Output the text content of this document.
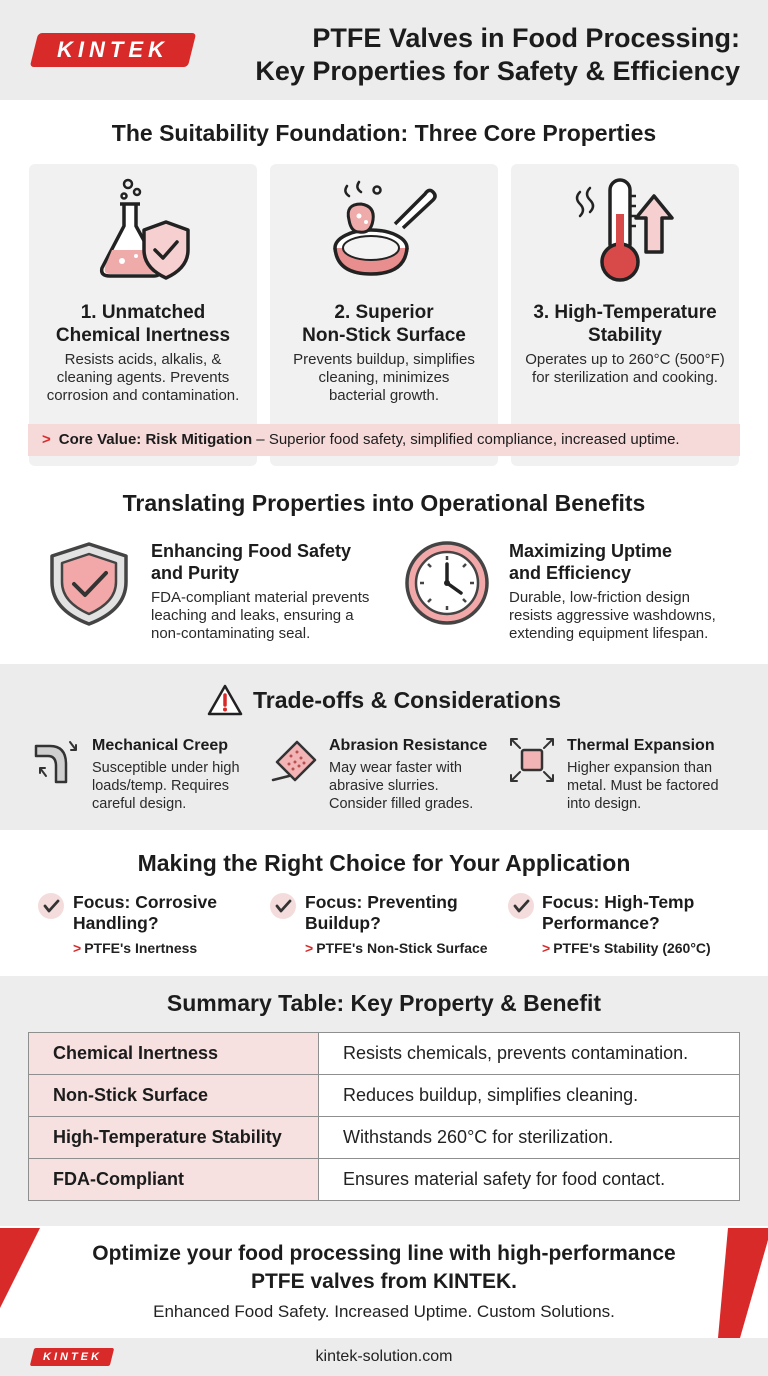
KINTEK	PTFE Valves in Food Processing:
Key Properties for Safety & Efficiency
The Suitability Foundation: Three Core Properties
1. Unmatched
Chemical Inertness
Resists acids, alkalis, &
cleaning agents. Prevents
corrosion and contamination.
2. Superior
Non-Stick Surface
Prevents buildup, simplifies
cleaning, minimizes
bacterial growth.
3. High-Temperature
Stability
Operates up to 260°C (500°F)
for sterilization and cooking.
> Core Value: Risk Mitigation – Superior food safety, simplified compliance, increased uptime.
Translating Properties into Operational Benefits
Enhancing Food Safety
and Purity
FDA-compliant material prevents
leaching and leaks, ensuring a
non-contaminating seal.
Maximizing Uptime
and Efficiency
Durable, low-friction design
resists aggressive washdowns,
extending equipment lifespan.
Trade-offs & Considerations
Mechanical Creep
Susceptible under high
loads/temp. Requires
careful design.
Abrasion Resistance
May wear faster with
abrasive slurries.
Consider filled grades.
Thermal Expansion
Higher expansion than
metal. Must be factored
into design.
Making the Right Choice for Your Application
Focus: Corrosive
Handling?
> PTFE's Inertness
Focus: Preventing
Buildup?
> PTFE's Non-Stick Surface
Focus: High-Temp
Performance?
> PTFE's Stability (260°C)
Summary Table: Key Property & Benefit
Chemical Inertness	Resists chemicals, prevents contamination.
Non-Stick Surface	Reduces buildup, simplifies cleaning.
High-Temperature Stability	Withstands 260°C for sterilization.
FDA-Compliant	Ensures material safety for food contact.
Optimize your food processing line with high-performance
PTFE valves from KINTEK.
Enhanced Food Safety. Increased Uptime. Custom Solutions.
KINTEK	kintek-solution.com
